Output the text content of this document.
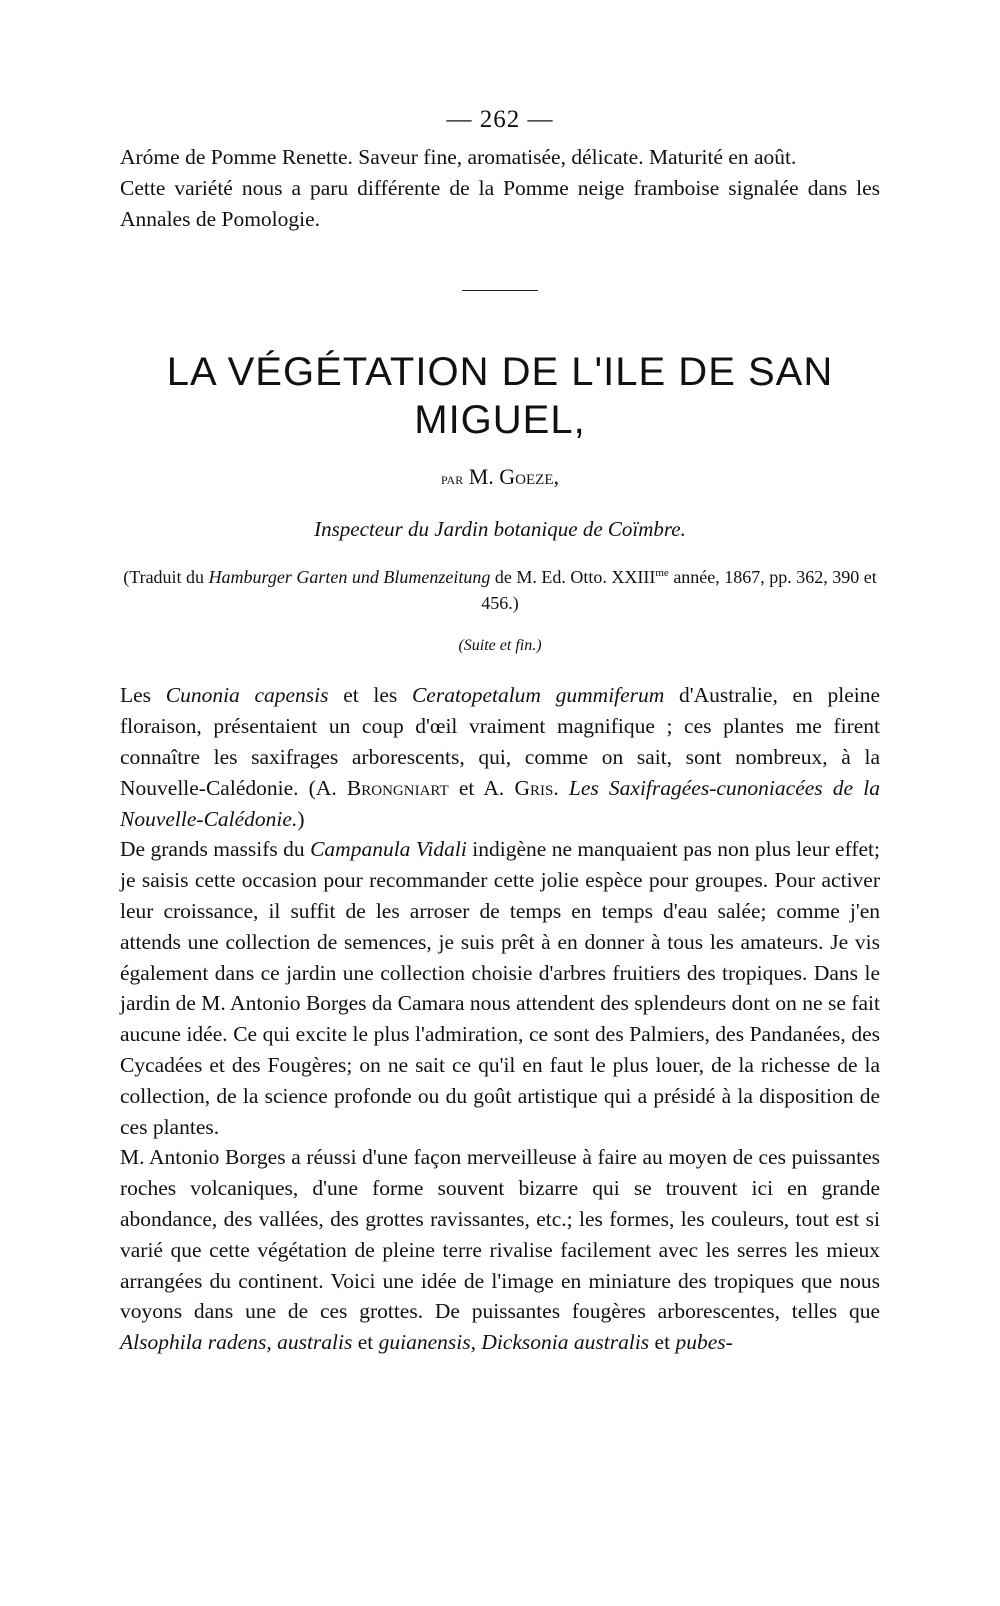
— 262 —

Aróme de Pomme Renette. Saveur fine, aromatisée, délicate. Maturité en août.

Cette variété nous a paru différente de la Pomme neige framboise signalée dans les Annales de Pomologie.

LA VÉGÉTATION DE L'ILE DE SAN MIGUEL,
par M. Goeze,
Inspecteur du Jardin botanique de Coïmbre.
(Traduit du Hamburger Garten und Blumenzeitung de M. Ed. Otto. $XXIII^{me}$ année, 1867, pp. 362, 390 et 456.)
(Suite et fin.)

Les Cunonia capensis et les Ceratopetalum gummiferum d'Australie, en pleine floraison, présentaient un coup d'œil vraiment magnifique ; ces plantes me firent connaître les saxifrages arborescents, qui, comme on sait, sont nombreux, à la Nouvelle-Calédonie. (A. Brongniart et A. Gris. Les Saxifragées-cunoniacées de la Nouvelle-Calédonie.)

De grands massifs du Campanula Vidali indigène ne manquaient pas non plus leur effet; je saisis cette occasion pour recommander cette jolie espèce pour groupes. Pour activer leur croissance, il suffit de les arroser de temps en temps d'eau salée; comme j'en attends une collection de semences, je suis prêt à en donner à tous les amateurs. Je vis également dans ce jardin une collection choisie d'arbres fruitiers des tropiques. Dans le jardin de M. Antonio Borges da Camara nous attendent des splendeurs dont on ne se fait aucune idée. Ce qui excite le plus l'admiration, ce sont des Palmiers, des Pandanées, des Cycadées et des Fougères; on ne sait ce qu'il en faut le plus louer, de la richesse de la collection, de la science profonde ou du goût artistique qui a présidé à la disposition de ces plantes.

M. Antonio Borges a réussi d'une façon merveilleuse à faire au moyen de ces puissantes roches volcaniques, d'une forme souvent bizarre qui se trouvent ici en grande abondance, des vallées, des grottes ravissantes, etc.; les formes, les couleurs, tout est si varié que cette végétation de pleine terre rivalise facilement avec les serres les mieux arrangées du continent. Voici une idée de l'image en miniature des tropiques que nous voyons dans une de ces grottes. De puissantes fougères arborescentes, telles que Alsophila radens, australis et guianensis, Dicksonia australis et pubes-
